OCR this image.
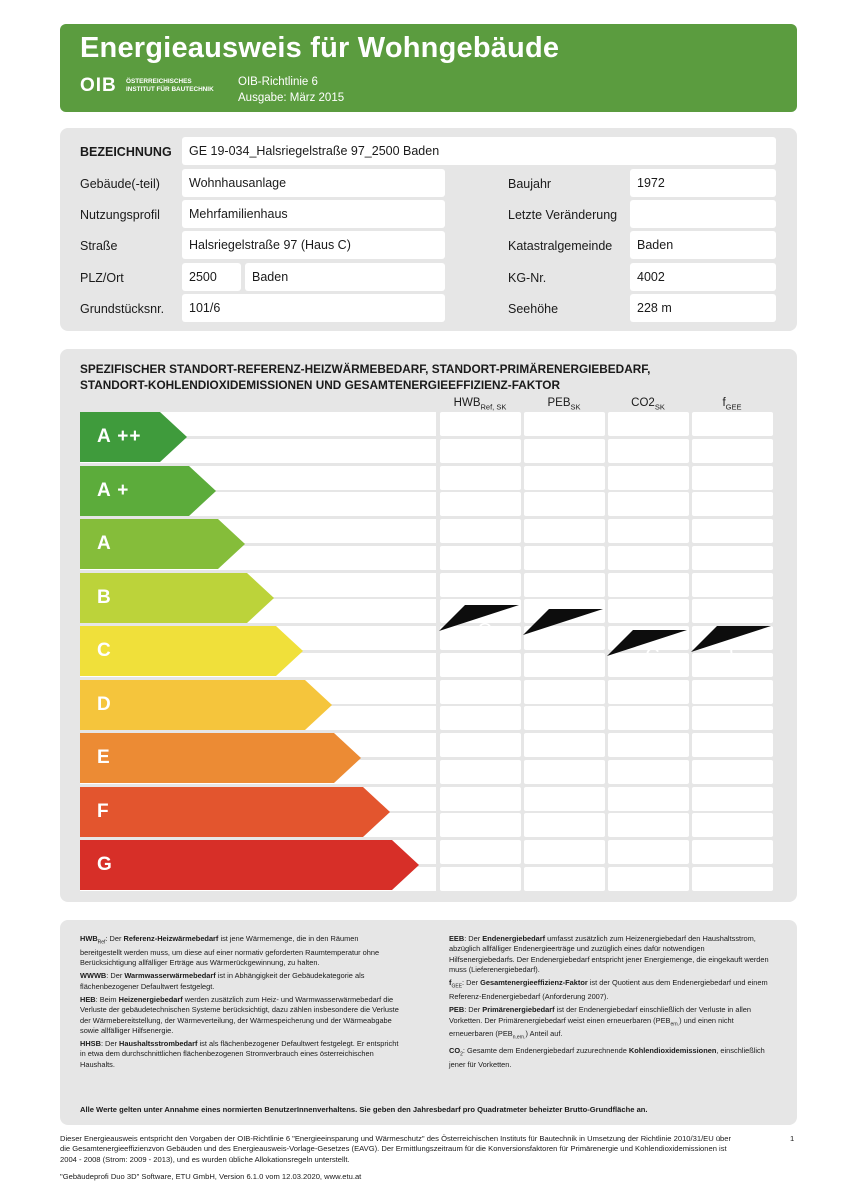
Energieausweis für Wohngebäude
OIB ÖSTERREICHISCHES
INSTITUT FÜR BAUTECHNIK
OIB-Richtlinie 6
Ausgabe: März 2015
BEZEICHNUNG	GE 19-034_Halsriegelstraße 97_2500 Baden
Gebäude(-teil)	Wohnhausanlage
Nutzungsprofil	Mehrfamilienhaus
Straße	Halsriegelstraße 97 (Haus C)
PLZ/Ort	2500	Baden
Grundstücksnr.	101/6
Baujahr	1972
Letzte Veränderung
Katastralgemeinde	Baden
KG-Nr.	4002
Seehöhe	228 m
SPEZIFISCHER STANDORT-REFERENZ-HEIZWÄRMEBEDARF, STANDORT-PRIMÄRENERGIEBEDARF,
STANDORT-KOHLENDIOXIDEMISSIONEN UND GESAMTENERGIEEFFIZIENZ-FAKTOR
$HWB_{Ref, SK}$	$PEB_{SK}$	$CO2_{SK}$	$f_{GEE}$
A ++
A +
A
B
C
D
E
F
G
C	C
C	C
$HWB_{Ref}$: Der Referenz-Heizwärmebedarf ist jene Wärmemenge, die in den Räumen bereitgestellt werden muss, um diese auf einer normativ geforderten Raumtemperatur ohne Berücksichtigung allfälliger Erträge aus Wärmerückgewinnung, zu halten.
WWWB: Der Warmwasserwärmebedarf ist in Abhängigkeit der Gebäudekategorie als flächenbezogener Defaultwert festgelegt.
HEB: Beim Heizenergiebedarf werden zusätzlich zum Heiz- und Warmwasserwärmebedarf die Verluste der gebäudetechnischen Systeme berücksichtigt, dazu zählen insbesondere die Verluste der Wärmebereitstellung, der Wärmeverteilung, der Wärmespeicherung und der Wärmeabgabe sowie allfälliger Hilfsenergie.
HHSB: Der Haushaltsstrombedarf ist als flächenbezogener Defaultwert festgelegt. Er entspricht in etwa dem durchschnittlichen flächenbezogenen Stromverbrauch eines österreichischen Haushalts.
EEB: Der Endenergiebedarf umfasst zusätzlich zum Heizenergiebedarf den Haushaltsstrom, abzüglich allfälliger Endenergieerträge und zuzüglich eines dafür notwendigen Hilfsenergiebedarfs. Der Endenergiebedarf entspricht jener Energiemenge, die eingekauft werden muss (Lieferenergiebedarf).
$f_{GEE}$: Der Gesamtenergieeffizienz-Faktor ist der Quotient aus dem Endenergiebedarf und einem Referenz-Endenergiebedarf (Anforderung 2007).
PEB: Der Primärenergiebedarf ist der Endenergiebedarf einschließlich der Verluste in allen Vorketten. Der Primärenergiebedarf weist einen erneuerbaren $(PEB_{ern.})$ und einen nicht erneuerbaren $(PEB_{n.ern.})$ Anteil auf.
$CO_2$: Gesamte dem Endenergiebedarf zuzurechnende Kohlendioxidemissionen, einschließlich jener für Vorketten.
Alle Werte gelten unter Annahme eines normierten BenutzerInnenverhaltens. Sie geben den Jahresbedarf pro Quadratmeter beheizter Brutto-Grundfläche an.
Dieser Energieausweis entspricht den Vorgaben der OIB-Richtlinie 6 "Energieeinsparung und Wärmeschutz" des Österreichischen Instituts für Bautechnik in Umsetzung der Richtlinie 2010/31/EU über die Gesamtenergieeffizienzvon Gebäuden und des Energieausweis-Vorlage-Gesetzes (EAVG). Der Ermittlungszeitraum für die Konversionsfaktoren für Primärenergie und Kohlendioxidemissionen ist 2004 - 2008 (Strom: 2009 - 2013), und es wurden übliche Allokationsregeln unterstellt.
"Gebäudeprofi Duo 3D" Software, ETU GmbH, Version 6.1.0 vom 12.03.2020, www.etu.at
1
